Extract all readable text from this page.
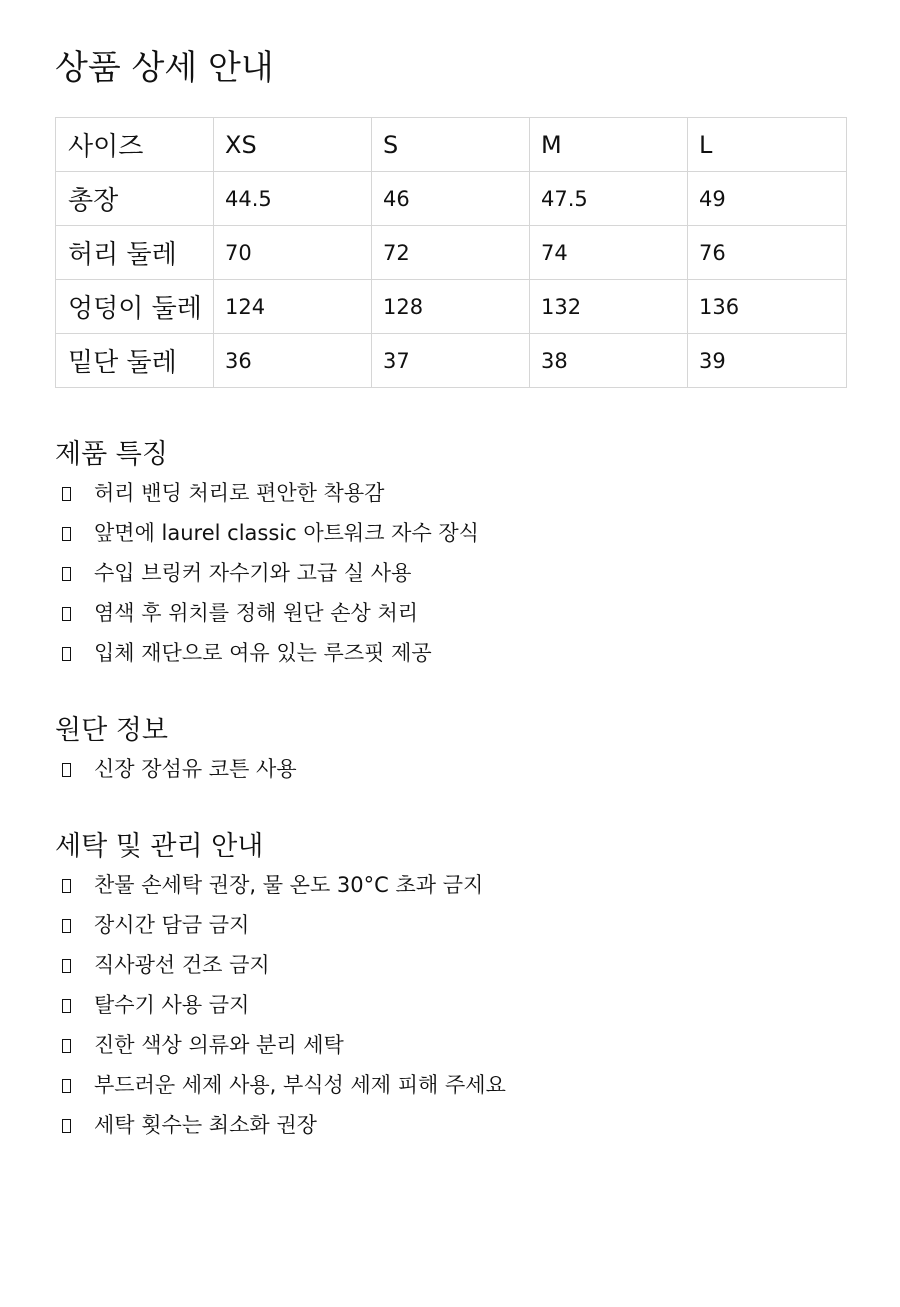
상품 상세 안내
사이즈	XS	S	M	L
총장	44.5	46	47.5	49
허리 둘레	70	72	74	76
엉덩이 둘레	124	128	132	136
밑단 둘레	36	37	38	39
제품 특징
허리 밴딩 처리로 편안한 착용감
앞면에 laurel classic 아트워크 자수 장식
수입 브링커 자수기와 고급 실 사용
염색 후 위치를 정해 원단 손상 처리
입체 재단으로 여유 있는 루즈핏 제공
원단 정보
신장 장섬유 코튼 사용
세탁 및 관리 안내
찬물 손세탁 권장, 물 온도 30°C 초과 금지
장시간 담금 금지
직사광선 건조 금지
탈수기 사용 금지
진한 색상 의류와 분리 세탁
부드러운 세제 사용, 부식성 세제 피해 주세요
세탁 횟수는 최소화 권장
